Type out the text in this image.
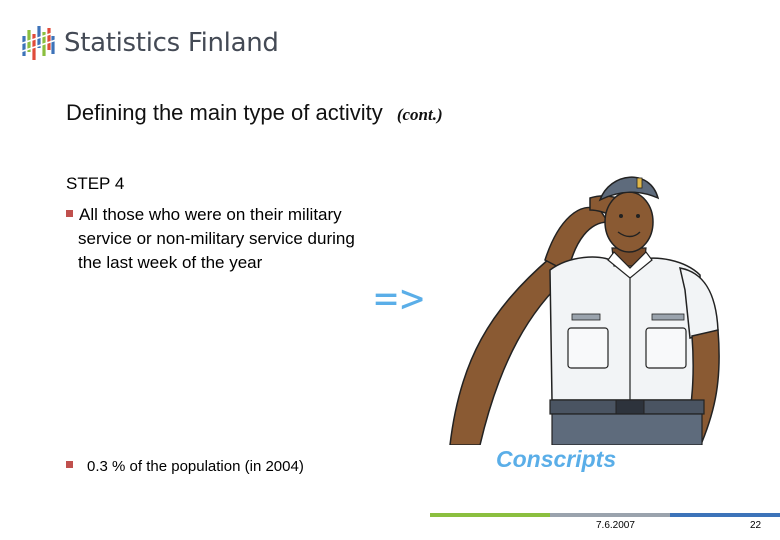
Statistics Finland
Defining the main type of activity (cont.)
STEP 4

All those who were on their military service or non-military service during the last week of the year

=>
Conscripts
0.3 % of the population (in 2004)
7.6.2007	22
